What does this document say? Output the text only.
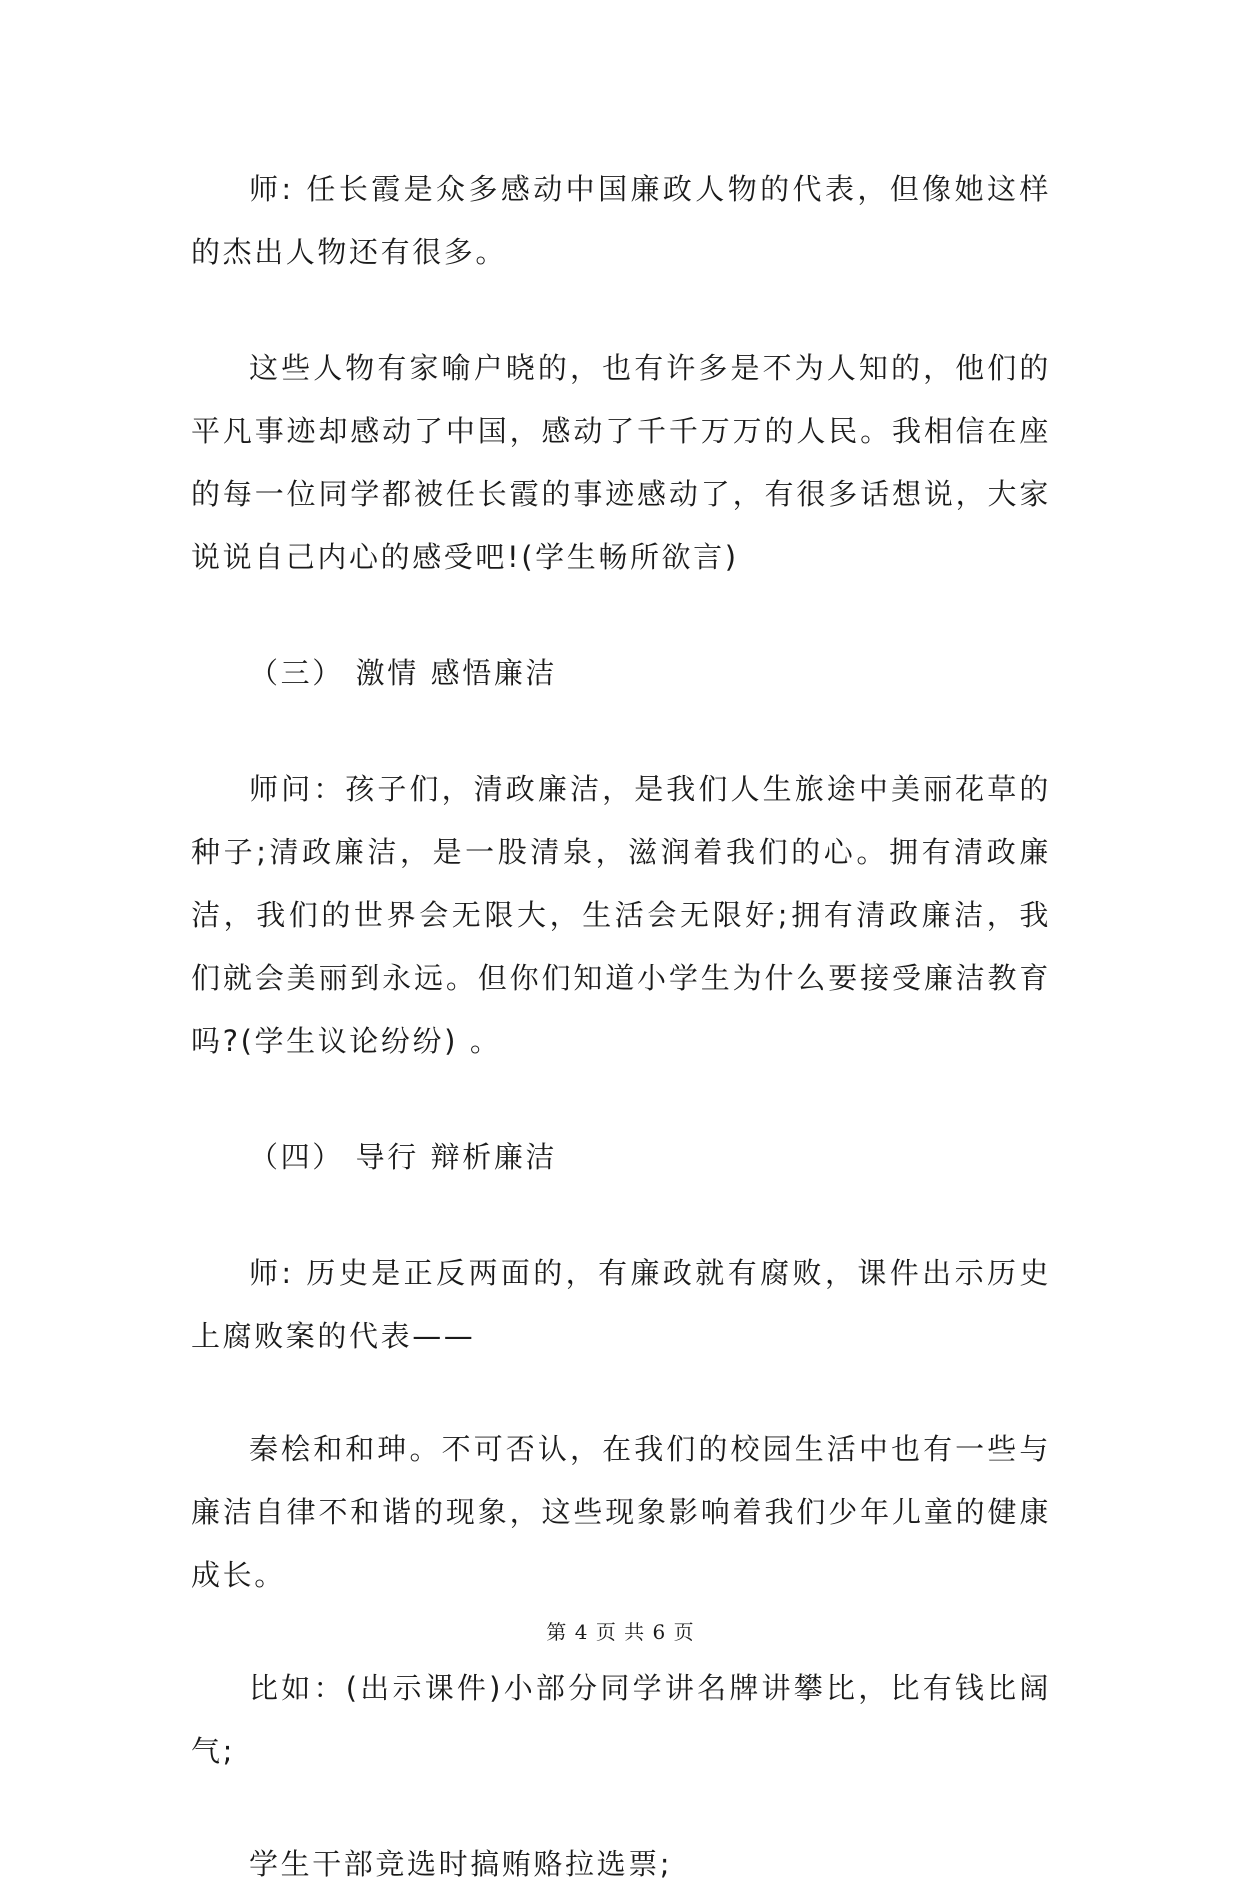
师: 任长霞是众多感动中国廉政人物的代表，但像她这样的杰出人物还有很多。

这些人物有家喻户晓的，也有许多是不为人知的，他们的平凡事迹却感动了中国，感动了千千万万的人民。我相信在座的每一位同学都被任长霞的事迹感动了，有很多话想说，大家说说自己内心的感受吧!(学生畅所欲言)

（三） 激情 感悟廉洁

师问：孩子们，清政廉洁，是我们人生旅途中美丽花草的种子;清政廉洁，是一股清泉，滋润着我们的心。拥有清政廉洁，我们的世界会无限大，生活会无限好;拥有清政廉洁，我们就会美丽到永远。但你们知道小学生为什么要接受廉洁教育吗?(学生议论纷纷) 。

（四） 导行 辩析廉洁

师: 历史是正反两面的，有廉政就有腐败，课件出示历史上腐败案的代表——

秦桧和和珅。不可否认，在我们的校园生活中也有一些与廉洁自律不和谐的现象，这些现象影响着我们少年儿童的健康成长。

比如：(出示课件)小部分同学讲名牌讲攀比，比有钱比阔气;

学生干部竞选时搞贿赂拉选票;

第 4 页 共 6 页
